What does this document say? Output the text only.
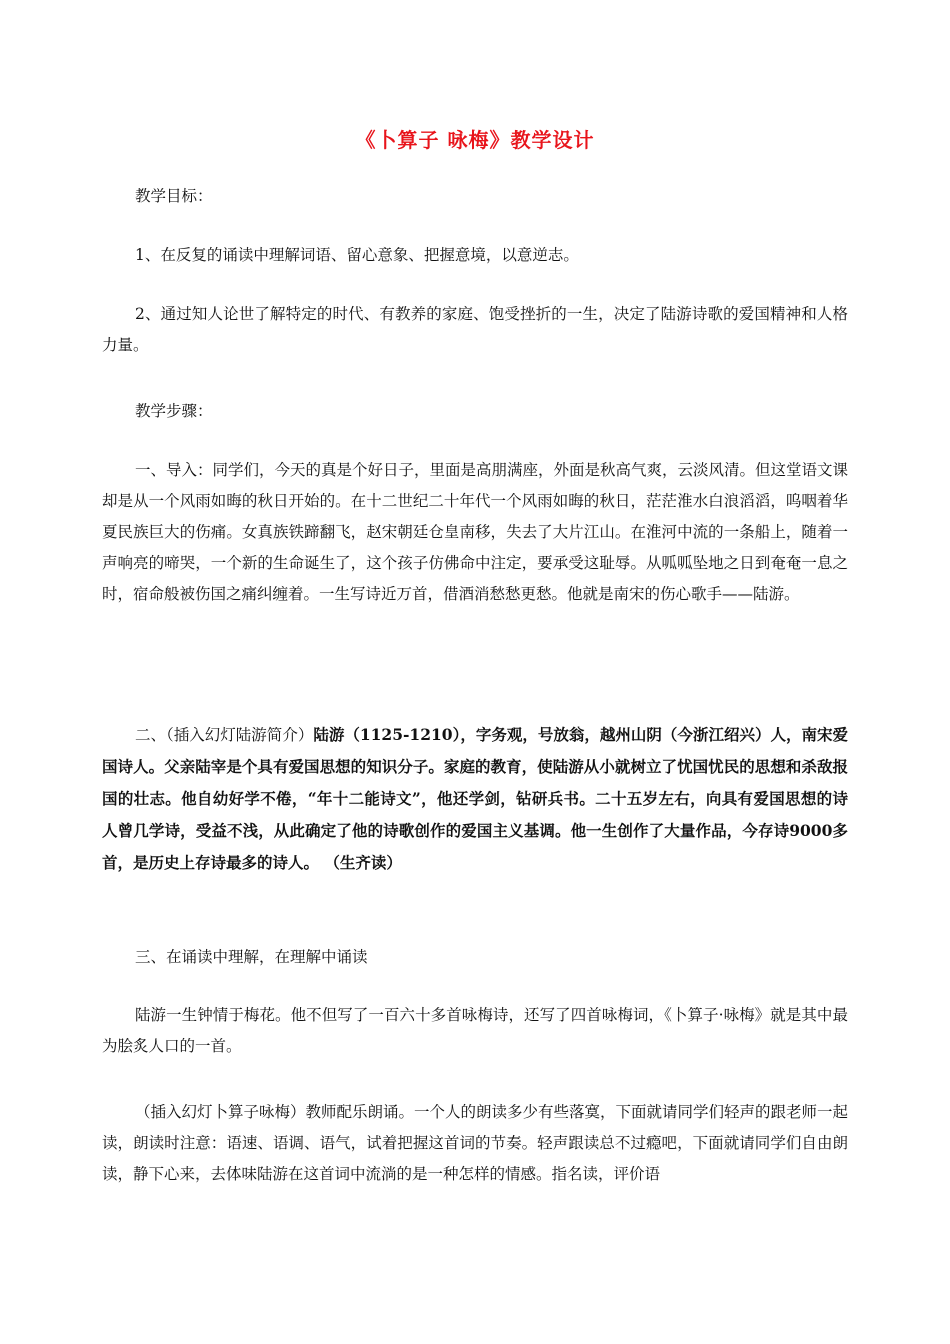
《卜算子 咏梅》教学设计

教学目标：

1、在反复的诵读中理解词语、留心意象、把握意境，以意逆志。

2、通过知人论世了解特定的时代、有教养的家庭、饱受挫折的一生，决定了陆游诗歌的爱国精神和人格力量。

教学步骤：

一、导入：同学们，今天的真是个好日子，里面是高朋满座，外面是秋高气爽，云淡风清。但这堂语文课却是从一个风雨如晦的秋日开始的。在十二世纪二十年代一个风雨如晦的秋日，茫茫淮水白浪滔滔，呜咽着华夏民族巨大的伤痛。女真族铁蹄翻飞，赵宋朝廷仓皇南移，失去了大片江山。在淮河中流的一条船上，随着一声响亮的啼哭，一个新的生命诞生了，这个孩子仿佛命中注定，要承受这耻辱。从呱呱坠地之日到奄奄一息之时，宿命般被伤国之痛纠缠着。一生写诗近万首，借酒消愁愁更愁。他就是南宋的伤心歌手——陆游。

二、（插入幻灯陆游简介）陆游（1125-1210），字务观，号放翁，越州山阴（今浙江绍兴）人，南宋爱国诗人。父亲陆宰是个具有爱国思想的知识分子。家庭的教育，使陆游从小就树立了忧国忧民的思想和杀敌报国的壮志。他自幼好学不倦，“年十二能诗文”，他还学剑，钻研兵书。二十五岁左右，向具有爱国思想的诗人曾几学诗，受益不浅，从此确定了他的诗歌创作的爱国主义基调。他一生创作了大量作品，今存诗9000多首，是历史上存诗最多的诗人。 （生齐读）

三、在诵读中理解，在理解中诵读

陆游一生钟情于梅花。他不但写了一百六十多首咏梅诗，还写了四首咏梅词，《卜算子·咏梅》就是其中最为脍炙人口的一首。

（插入幻灯卜算子咏梅）教师配乐朗诵。一个人的朗读多少有些落寞，下面就请同学们轻声的跟老师一起读，朗读时注意：语速、语调、语气，试着把握这首词的节奏。轻声跟读总不过瘾吧，下面就请同学们自由朗读，静下心来，去体味陆游在这首词中流淌的是一种怎样的情感。指名读，评价语
